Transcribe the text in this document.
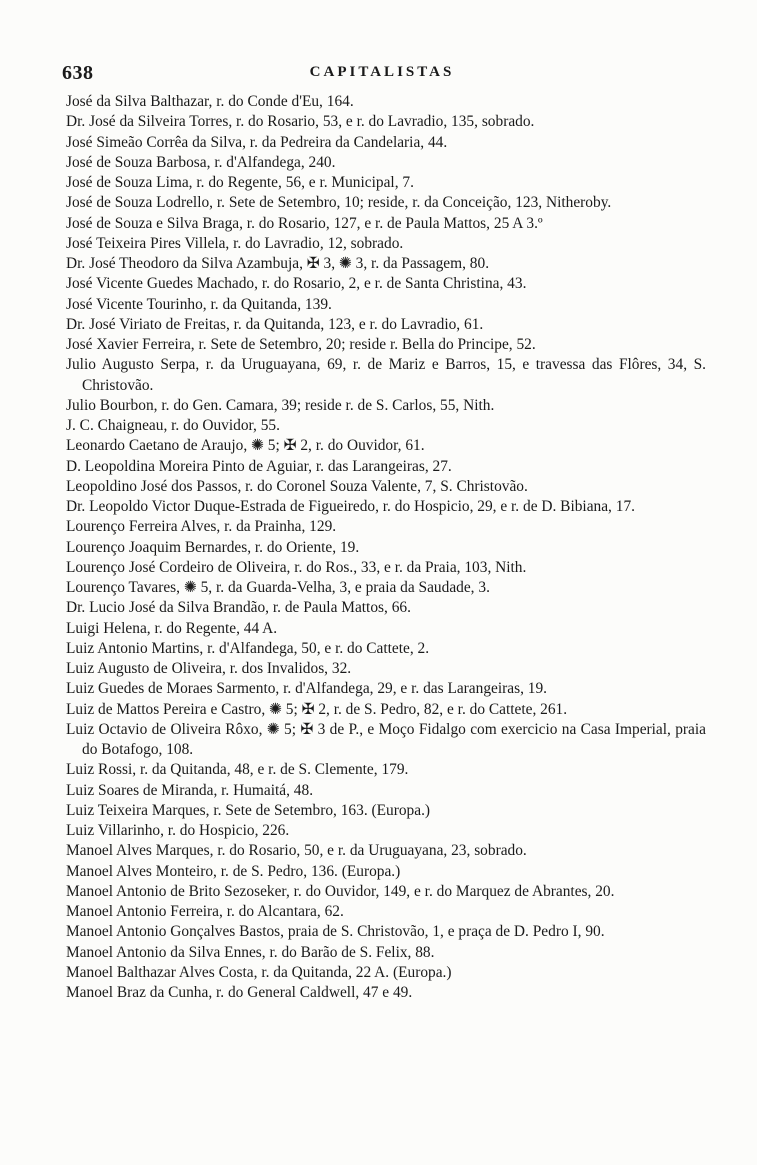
638	CAPITALISTAS

José da Silva Balthazar, r. do Conde d'Eu, 164.

Dr. José da Silveira Torres, r. do Rosario, 53, e r. do Lavradio, 135, sobrado.

José Simeão Corrêa da Silva, r. da Pedreira da Candelaria, 44.

José de Souza Barbosa, r. d'Alfandega, 240.

José de Souza Lima, r. do Regente, 56, e r. Municipal, 7.

José de Souza Lodrello, r. Sete de Setembro, 10; reside, r. da Conceição, 123, Nitheroby.

José de Souza e Silva Braga, r. do Rosario, 127, e r. de Paula Mattos, 25 A 3.º

José Teixeira Pires Villela, r. do Lavradio, 12, sobrado.

Dr. José Theodoro da Silva Azambuja, ✠ 3, ✺ 3, r. da Passagem, 80.

José Vicente Guedes Machado, r. do Rosario, 2, e r. de Santa Christina, 43.

José Vicente Tourinho, r. da Quitanda, 139.

Dr. José Viriato de Freitas, r. da Quitanda, 123, e r. do Lavradio, 61.

José Xavier Ferreira, r. Sete de Setembro, 20; reside r. Bella do Principe, 52.

Julio Augusto Serpa, r. da Uruguayana, 69, r. de Mariz e Barros, 15, e travessa das Flôres, 34, S. Christovão.

Julio Bourbon, r. do Gen. Camara, 39; reside r. de S. Carlos, 55, Nith.

J. C. Chaigneau, r. do Ouvidor, 55.

Leonardo Caetano de Araujo, ✺ 5; ✠ 2, r. do Ouvidor, 61.

D. Leopoldina Moreira Pinto de Aguiar, r. das Larangeiras, 27.

Leopoldino José dos Passos, r. do Coronel Souza Valente, 7, S. Christovão.

Dr. Leopoldo Victor Duque-Estrada de Figueiredo, r. do Hospicio, 29, e r. de D. Bibiana, 17.

Lourenço Ferreira Alves, r. da Prainha, 129.

Lourenço Joaquim Bernardes, r. do Oriente, 19.

Lourenço José Cordeiro de Oliveira, r. do Ros., 33, e r. da Praia, 103, Nith.

Lourenço Tavares, ✺ 5, r. da Guarda-Velha, 3, e praia da Saudade, 3.

Dr. Lucio José da Silva Brandão, r. de Paula Mattos, 66.

Luigi Helena, r. do Regente, 44 A.

Luiz Antonio Martins, r. d'Alfandega, 50, e r. do Cattete, 2.

Luiz Augusto de Oliveira, r. dos Invalidos, 32.

Luiz Guedes de Moraes Sarmento, r. d'Alfandega, 29, e r. das Larangeiras, 19.

Luiz de Mattos Pereira e Castro, ✺ 5; ✠ 2, r. de S. Pedro, 82, e r. do Cattete, 261.

Luiz Octavio de Oliveira Rôxo, ✺ 5; ✠ 3 de P., e Moço Fidalgo com exercicio na Casa Imperial, praia do Botafogo, 108.

Luiz Rossi, r. da Quitanda, 48, e r. de S. Clemente, 179.

Luiz Soares de Miranda, r. Humaitá, 48.

Luiz Teixeira Marques, r. Sete de Setembro, 163. (Europa.)

Luiz Villarinho, r. do Hospicio, 226.

Manoel Alves Marques, r. do Rosario, 50, e r. da Uruguayana, 23, sobrado.

Manoel Alves Monteiro, r. de S. Pedro, 136. (Europa.)

Manoel Antonio de Brito Sezoseker, r. do Ouvidor, 149, e r. do Marquez de Abrantes, 20.

Manoel Antonio Ferreira, r. do Alcantara, 62.

Manoel Antonio Gonçalves Bastos, praia de S. Christovão, 1, e praça de D. Pedro I, 90.

Manoel Antonio da Silva Ennes, r. do Barão de S. Felix, 88.

Manoel Balthazar Alves Costa, r. da Quitanda, 22 A. (Europa.)

Manoel Braz da Cunha, r. do General Caldwell, 47 e 49.
